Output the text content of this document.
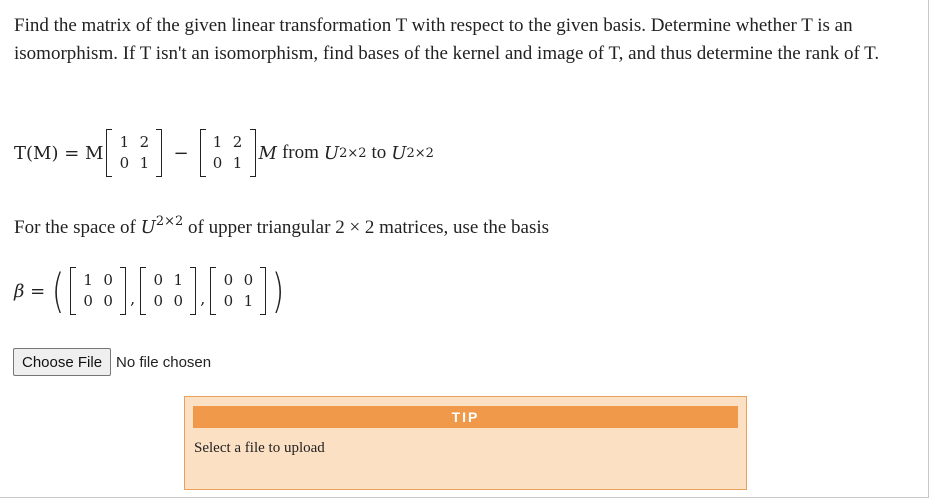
Find the matrix of the given linear transformation T with respect to the given basis. Determine whether T is an isomorphism. If T isn't an isomorphism, find bases of the kernel and image of T, and thus determine the rank of T.
T(M) = M
1	2
0	1 −
1	2
0	1 M from U 2×2 to U 2×2
For the space of $U^{2\times 2}$ of upper triangular 2 × 2 matrices, use the basis
β = ( 1	0
0	0 ,
0	1
0	0 ,
0	0
0	1 )
Choose File No file chosen
TIP
Select a file to upload
